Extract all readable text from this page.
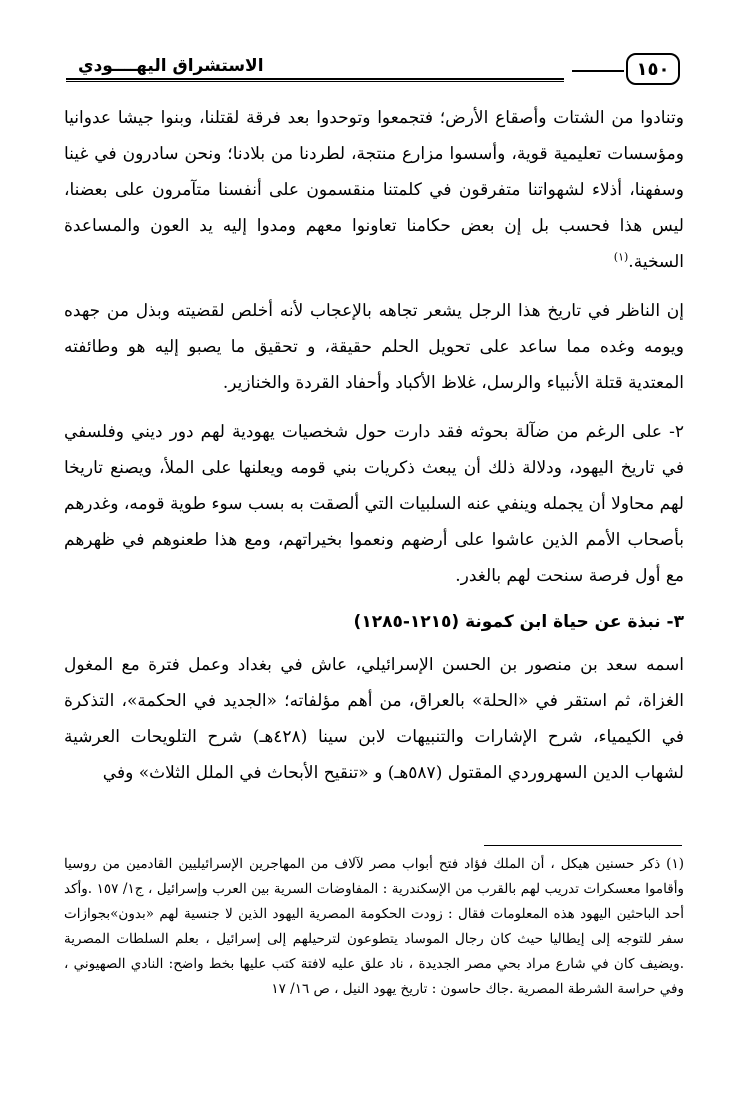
١٥٠
الاستشراق اليهــــودي

وتنادوا من الشتات وأصقاع الأرض؛ فتجمعوا وتوحدوا بعد فرقة لقتلنا، وبنوا جيشا عدوانيا ومؤسسات تعليمية قوية، وأسسوا مزارع منتجة، لطردنا من بلادنا؛ ونحن سادرون في غينا وسفهنا، أذلاء لشهواتنا متفرقون في كلمتنا منقسمون على أنفسنا متآمرون على بعضنا، ليس هذا فحسب بل إن بعض حكامنا تعاونوا معهم ومدوا إليه يد العون والمساعدة السخية.$^{(١)}$

إن الناظر في تاريخ هذا الرجل يشعر تجاهه بالإعجاب لأنه أخلص لقضيته وبذل من جهده ويومه وغده مما ساعد على تحويل الحلم حقيقة، و تحقيق ما يصبو إليه هو وطائفته المعتدية قتلة الأنبياء والرسل، غلاظ الأكباد وأحفاد القردة والخنازير.

٢- على الرغم من ضآلة بحوثه فقد دارت حول شخصيات يهودية لهم دور ديني وفلسفي في تاريخ اليهود، ودلالة ذلك أن يبعث ذكريات بني قومه ويعلنها على الملأ، ويصنع تاريخا لهم محاولا أن يجمله وينفي عنه السلبيات التي ألصقت به بسب سوء طوية قومه، وغدرهم بأصحاب الأمم الذين عاشوا على أرضهم ونعموا بخيراتهم، ومع هذا طعنوهم في ظهرهم مع أول فرصة سنحت لهم بالغدر.

٣- نبذة عن حياة ابن كمونة (١٢١٥-١٢٨٥)

اسمه سعد بن منصور بن الحسن الإسرائيلي، عاش في بغداد وعمل فترة مع المغول الغزاة، ثم استقر في «الحلة» بالعراق، من أهم مؤلفاته؛ «الجديد في الحكمة»، التذكرة في الكيمياء، شرح الإشارات والتنبيهات لابن سينا (٤٢٨هـ) شرح التلويحات العرشية لشهاب الدين السهروردي المقتول (٥٨٧هـ) و «تنقيح الأبحاث في الملل الثلاث» وفي

(١) ذكر حسنين هيكل ، أن الملك فؤاد فتح أبواب مصر لآلاف من المهاجرين الإسرائيليين القادمين من روسيا وأقاموا معسكرات تدريب لهم بالقرب من الإسكندرية : المفاوضات السرية بين العرب وإسرائيل ، ج١/ ١٥٧ .وأكد أحد الباحثين اليهود هذه المعلومات فقال : زودت الحكومة المصرية اليهود الذين لا جنسية لهم «بدون»بجوازات سفر للتوجه إلى إيطاليا حيث كان رجال الموساد يتطوعون لترحيلهم إلى إسرائيل ، بعلم السلطات المصرية .ويضيف كان في شارع مراد بحي مصر الجديدة ، ناد علق عليه لافتة كتب عليها بخط واضح: النادي الصهيوني ، وفي حراسة الشرطة المصرية .جاك حاسون : تاريخ يهود النيل ، ص ١٦/ ١٧
